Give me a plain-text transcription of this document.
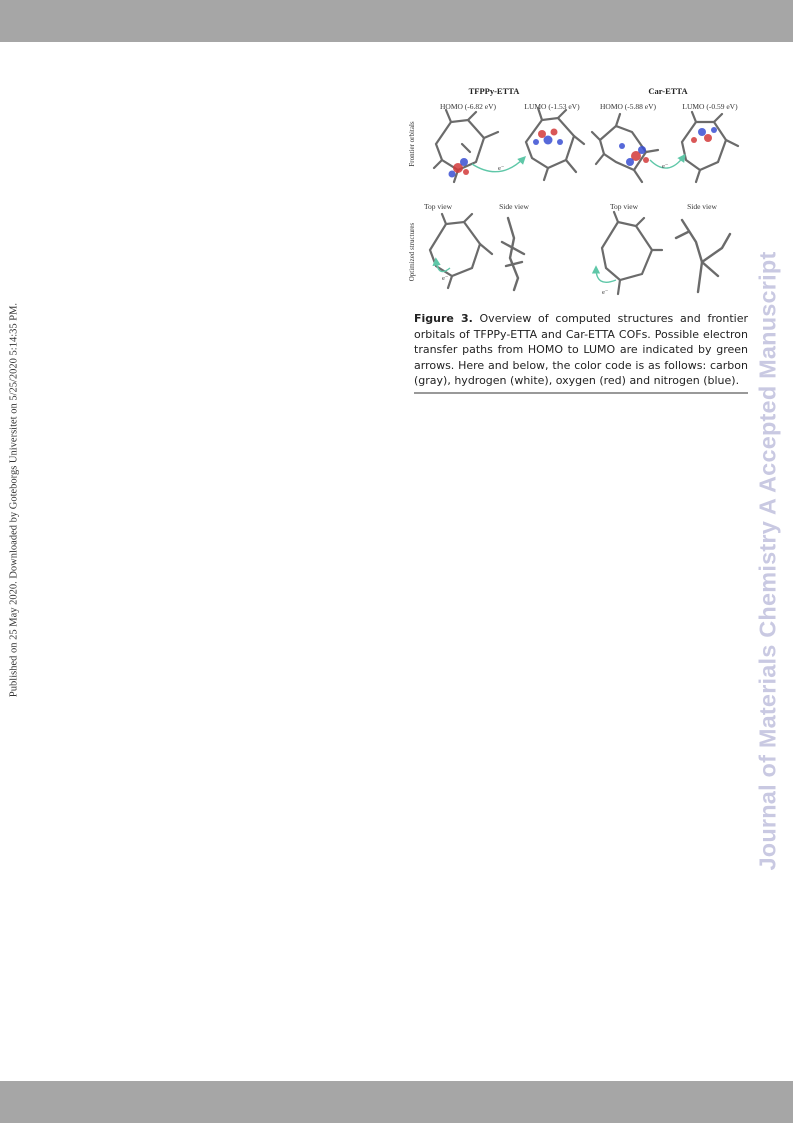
Published on 25 May 2020. Downloaded by Goteborgs Universitet on 5/25/2020 5:14:35 PM.	Journal of Materials Chemistry A Accepted Manuscript
TFPPy-ETTA	Car-ETTA
HOMO (-6.82 eV)	LUMO (-1.53 eV)	HOMO (-5.88 eV)	LUMO (-0.59 eV)
Frontier orbitals
Optimized structures
e⁻	e⁻
Top view	Side view	Top view	Side view
e⁻
e⁻
Figure 3. Overview of computed structures and frontier orbitals of TFPPy-ETTA and Car-ETTA COFs. Possible electron transfer paths from HOMO to LUMO are indicated by green arrows. Here and below, the color code is as follows: carbon (gray), hydrogen (white), oxygen (red) and nitrogen (blue).
